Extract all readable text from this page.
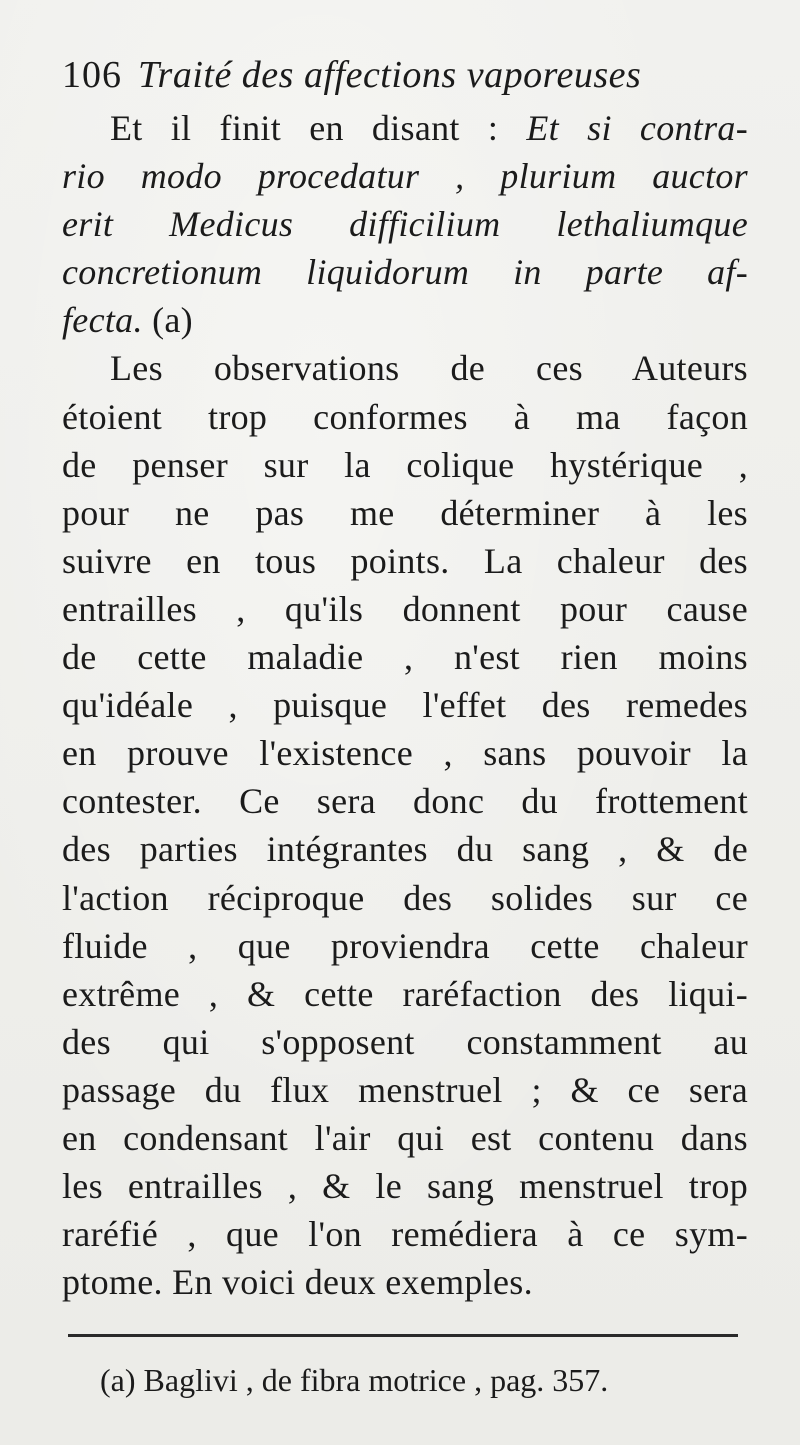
106 Traité des affections vaporeuses
Et il finit en disant : Et si contra-
rio modo procedatur , plurium auctor
erit Medicus difficilium lethaliumque
concretionum liquidorum in parte af-
fecta. (a)
Les observations de ces Auteurs
étoient trop conformes à ma façon
de penser sur la colique hystérique ,
pour ne pas me déterminer à les
suivre en tous points. La chaleur des
entrailles , qu'ils donnent pour cause
de cette maladie , n'est rien moins
qu'idéale , puisque l'effet des remedes
en prouve l'existence , sans pouvoir la
contester. Ce sera donc du frottement
des parties intégrantes du sang , & de
l'action réciproque des solides sur ce
fluide , que proviendra cette chaleur
extrême , & cette raréfaction des liqui-
des qui s'opposent constamment au
passage du flux menstruel ; & ce sera
en condensant l'air qui est contenu dans
les entrailles , & le sang menstruel trop
raréfié , que l'on remédiera à ce sym-
ptome. En voici deux exemples.
(a) Baglivi , de fibra motrice , pag. 357.
